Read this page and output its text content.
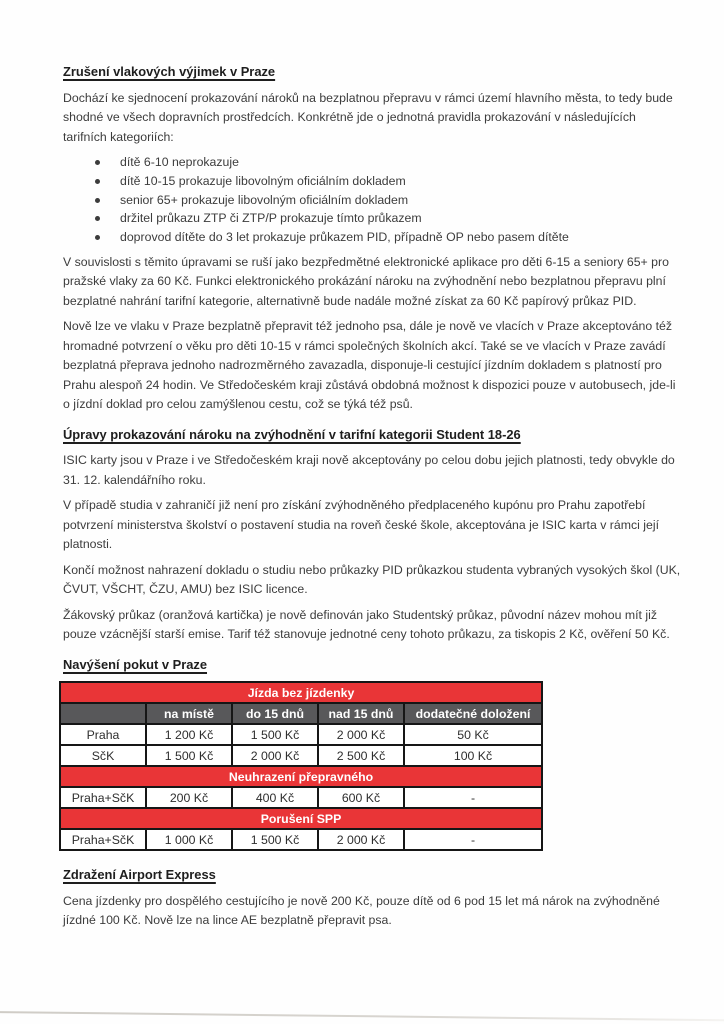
Zrušení vlakových výjimek v Praze
Dochází ke sjednocení prokazování nároků na bezplatnou přepravu v rámci území hlavního města, to tedy bude
shodné ve všech dopravních prostředcích. Konkrétně jde o jednotná pravidla prokazování v následujících
tarifních kategoriích:
dítě 6-10 neprokazuje
dítě 10-15 prokazuje libovolným oficiálním dokladem
senior 65+ prokazuje libovolným oficiálním dokladem
držitel průkazu ZTP či ZTP/P prokazuje tímto průkazem
doprovod dítěte do 3 let prokazuje průkazem PID, případně OP nebo pasem dítěte
V souvislosti s těmito úpravami se ruší jako bezpředmětné elektronické aplikace pro děti 6-15 a seniory 65+ pro
pražské vlaky za 60 Kč. Funkci elektronického prokázání nároku na zvýhodnění nebo bezplatnou přepravu plní
bezplatné nahrání tarifní kategorie, alternativně bude nadále možné získat za 60 Kč papírový průkaz PID.
Nově lze ve vlaku v Praze bezplatně přepravit též jednoho psa, dále je nově ve vlacích v Praze akceptováno též
hromadné potvrzení o věku pro děti 10-15 v rámci společných školních akcí. Také se ve vlacích v Praze zavádí
bezplatná přeprava jednoho nadrozměrného zavazadla, disponuje-li cestující jízdním dokladem s platností pro
Prahu alespoň 24 hodin. Ve Středočeském kraji zůstává obdobná možnost k dispozici pouze v autobusech, jde-li
o jízdní doklad pro celou zamýšlenou cestu, což se týká též psů.
Úpravy prokazování nároku na zvýhodnění v tarifní kategorii Student 18-26
ISIC karty jsou v Praze i ve Středočeském kraji nově akceptovány po celou dobu jejich platnosti, tedy obvykle do
31. 12. kalendářního roku.
V případě studia v zahraničí již není pro získání zvýhodněného předplaceného kupónu pro Prahu zapotřebí
potvrzení ministerstva školství o postavení studia na roveň české škole, akceptována je ISIC karta v rámci její
platnosti.
Končí možnost nahrazení dokladu o studiu nebo průkazky PID průkazkou studenta vybraných vysokých škol (UK,
ČVUT, VŠCHT, ČZU, AMU) bez ISIC licence.
Žákovský průkaz (oranžová kartička) je nově definován jako Studentský průkaz, původní název mohou mít již
pouze vzácnější starší emise. Tarif též stanovuje jednotné ceny tohoto průkazu, za tiskopis 2 Kč, ověření 50 Kč.
Navýšení pokut v Praze
Jízda bez jízdenky				
	na místě	do 15 dnů	nad 15 dnů	dodatečné doložení
Praha	1 200 Kč	1 500 Kč	2 000 Kč	50 Kč
SčK	1 500 Kč	2 000 Kč	2 500 Kč	100 Kč
Neuhrazení přepravného				
Praha+SčK	200 Kč	400 Kč	600 Kč	-
Porušení SPP				
Praha+SčK	1 000 Kč	1 500 Kč	2 000 Kč	-
Zdražení Airport Express
Cena jízdenky pro dospělého cestujícího je nově 200 Kč, pouze dítě od 6 pod 15 let má nárok na zvýhodněné
jízdné 100 Kč. Nově lze na lince AE bezplatně přepravit psa.
